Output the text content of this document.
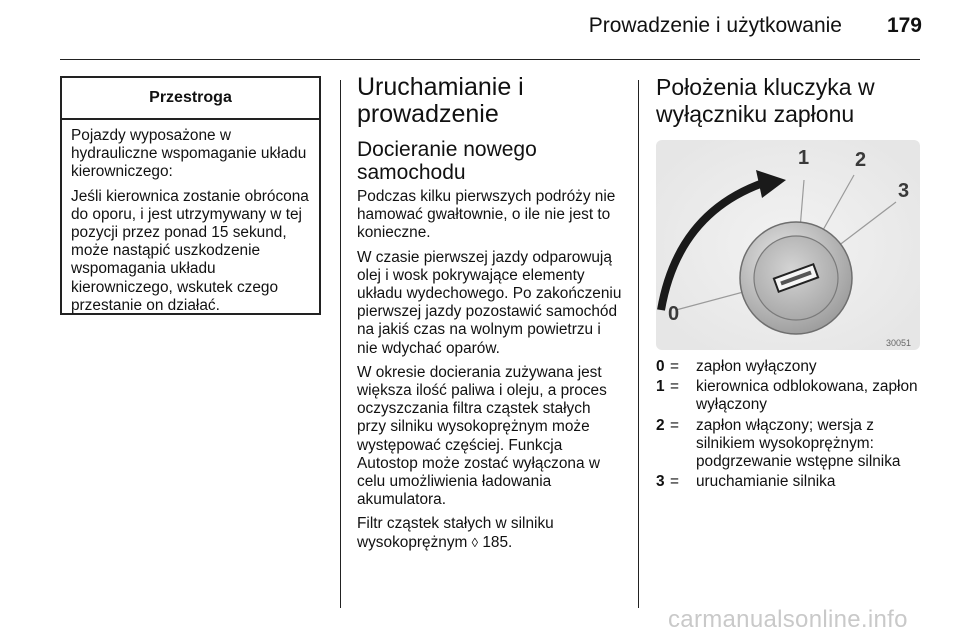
Prowadzenie i użytkowanie 179
Przestroga

Pojazdy wyposażone w hydrauliczne wspomaganie układu kierowniczego:

Jeśli kierownica zostanie obrócona do oporu, i jest utrzymywany w tej pozycji przez ponad 15 sekund, może nastąpić uszkodzenie wspomagania układu kierowniczego, wskutek czego przestanie on działać.

Uruchamianie i prowadzenie
Docieranie nowego samochodu

Podczas kilku pierwszych podróży nie hamować gwałtownie, o ile nie jest to konieczne.

W czasie pierwszej jazdy odparowują olej i wosk pokrywające elementy układu wydechowego. Po zakończeniu pierwszej jazdy pozostawić samochód na jakiś czas na wolnym powietrzu i nie wdychać oparów.

W okresie docierania zużywana jest większa ilość paliwa i oleju, a proces oczyszczania filtra cząstek stałych przy silniku wysokoprężnym może występować częściej. Funkcja Autostop może zostać wyłączona w celu umożliwienia ładowania akumulatora.

Filtr cząstek stałych w silniku wysokoprężnym ◊ 185.

Położenia kluczyka w wyłączniku zapłonu
0
1 2
3
30051
0 =	zapłon wyłączony
1 =	kierownica odblokowana, zapłon wyłączony
2 =	zapłon włączony; wersja z silnikiem wysokoprężnym: podgrzewanie wstępne silnika
3 =	uruchamianie silnika
carmanualsonline.info
